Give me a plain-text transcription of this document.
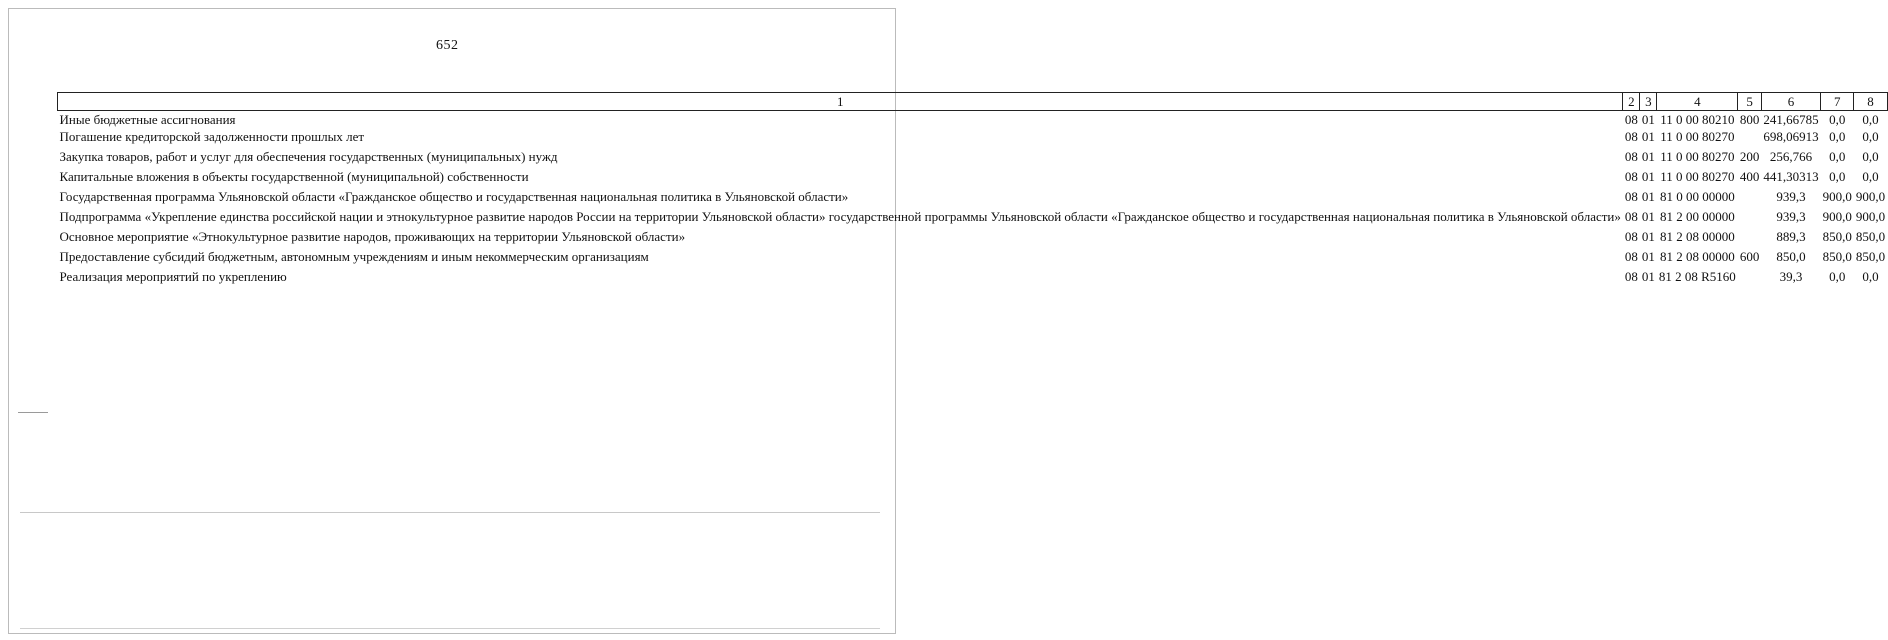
652
1	2	3	4	5	6	7	8
Иные бюджетные ассигнования	08	01	11 0 00 80210	800	241,66785	0,0	0,0
Погашение кредиторской задолженности прошлых лет	08	01	11 0 00 80270		698,06913	0,0	0,0
Закупка товаров, работ и услуг для обеспечения государственных (муниципальных) нужд	08	01	11 0 00 80270	200	256,766	0,0	0,0
Капитальные вложения в объекты государственной (муниципальной) собственности	08	01	11 0 00 80270	400	441,30313	0,0	0,0
Государственная программа Ульяновской области «Гражданское общество и государственная национальная политика в Ульяновской области»	08	01	81 0 00 00000		939,3	900,0	900,0
Подпрограмма «Укрепление единства российской нации и этнокультурное развитие народов России на территории Ульяновской области» государственной программы Ульяновской области «Гражданское общество и государственная национальная политика в Ульяновской области»	08	01	81 2 00 00000		939,3	900,0	900,0
Основное мероприятие «Этнокультурное развитие народов, проживающих на территории Ульяновской области»	08	01	81 2 08 00000		889,3	850,0	850,0
Предоставление субсидий бюджетным, автономным учреждениям и иным некоммерческим организациям	08	01	81 2 08 00000	600	850,0	850,0	850,0
Реализация мероприятий по укреплению	08	01	81 2 08 R5160		39,3	0,0	0,0
